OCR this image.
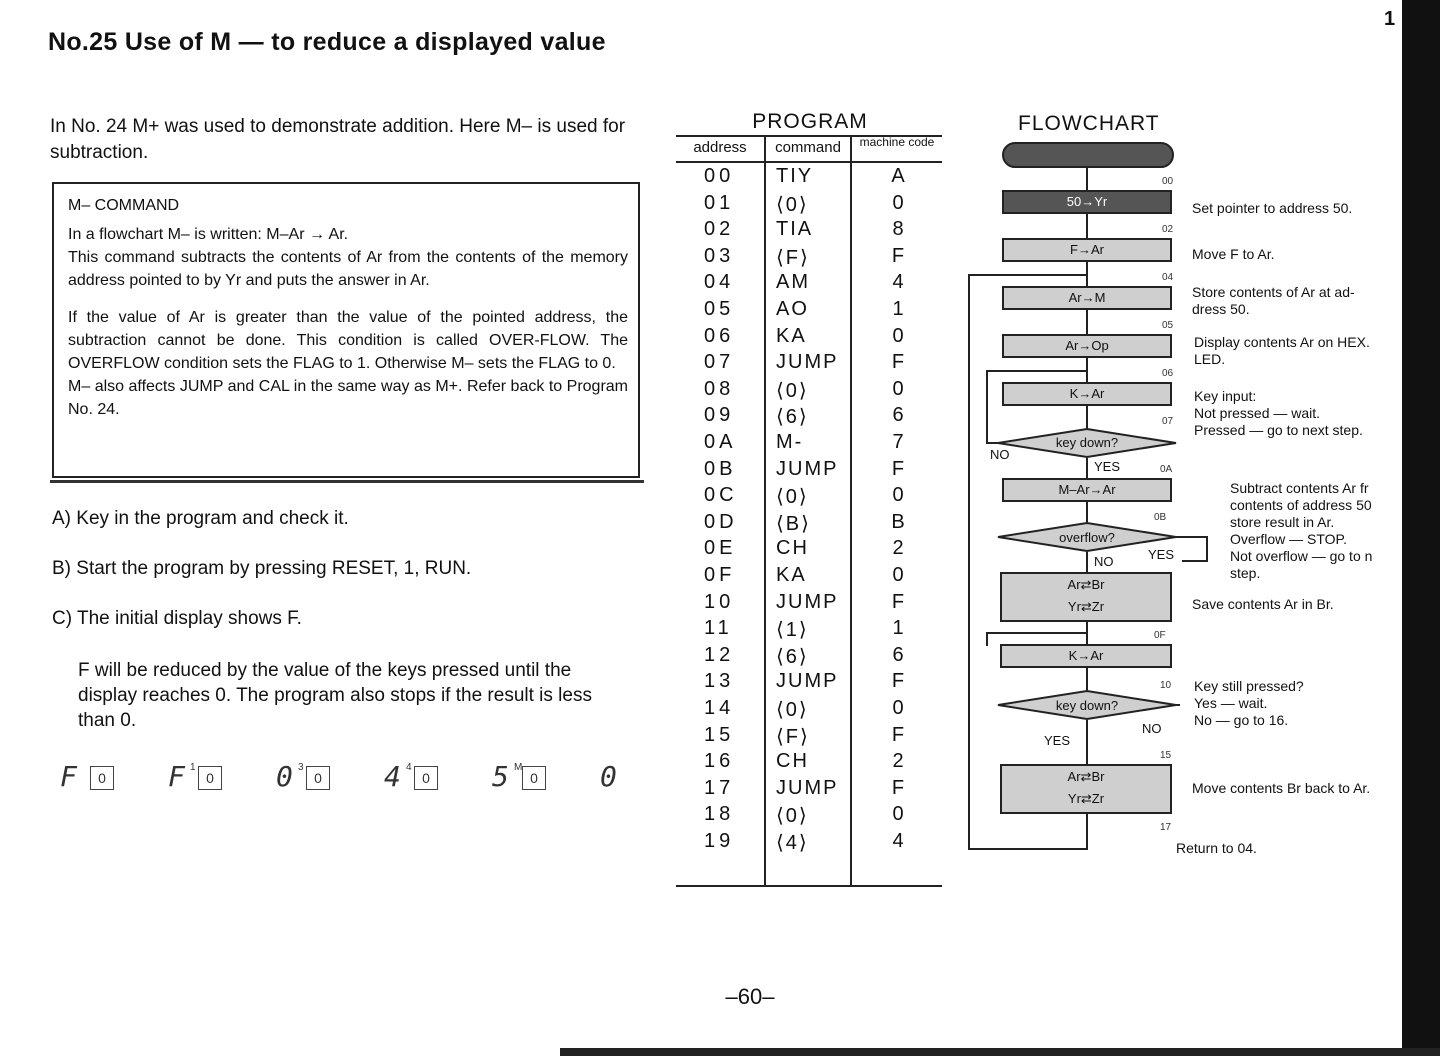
No.25 Use of M — to reduce a displayed value
1
In No. 24 M+ was used to demonstrate addition. Here M– is used for subtraction.

M– COMMAND

In a flowchart M– is written: M–Ar → Ar.

This command subtracts the contents of Ar from the contents of the memory address pointed to by Yr and puts the answer in Ar.

If the value of Ar is greater than the value of the pointed address, the subtraction cannot be done. This condition is called OVER-FLOW. The OVERFLOW condition sets the FLAG to 1. Otherwise M– sets the FLAG to 0.

M– also affects JUMP and CAL in the same way as M+. Refer back to Program No. 24.

A) Key in the program and check it.
B) Start the program by pressing RESET, 1, RUN.
C) The initial display shows F.
F will be reduced by the value of the keys pressed until the display reaches 0. The program also stops if the result is less than 0.
F	0 F 1
0 0 3
0 4 4
0 5 M
0 0
PROGRAM
address	command	machine code
00	TIY	A
01	⟨0⟩	0
02	TIA	8
03	⟨F⟩	F
04	AM	4
05	AO	1
06	KA	0
07	JUMP	F
08	⟨0⟩	0
09	⟨6⟩	6
0A	M-	7
0B	JUMP	F
0C	⟨0⟩	0
0D	⟨B⟩	B
0E	CH	2
0F	KA	0
10	JUMP	F
11	⟨1⟩	1
12	⟨6⟩	6
13	JUMP	F
14	⟨0⟩	0
15	⟨F⟩	F
16	CH	2
17	JUMP	F
18	⟨0⟩	0
19	⟨4⟩	4
FLOWCHART
50→Yr
F→Ar
Ar→M
Ar→Op
K→Ar
key down?
NO
YES
M–Ar→Ar
overflow?
YES
NO
Ar⇄Br
Yr⇄Zr
K→Ar
key down?
NO
YES
Ar⇄Br
Yr⇄Zr
00
02
04
05
06
07
0A
0B
0F
10
15
17
Set pointer to address 50.
Move F to Ar.
Store contents of Ar at ad-
dress 50.
Display contents Ar on HEX.
LED.
Key input:
Not pressed — wait.
Pressed — go to next step.
Subtract contents Ar fr
contents of address 50
store result in Ar.
Overflow — STOP.
Not overflow — go to n
step.
Save contents Ar in Br.
Key still pressed?
Yes — wait.
No — go to 16.
Move contents Br back to Ar.
Return to 04.
–60–
